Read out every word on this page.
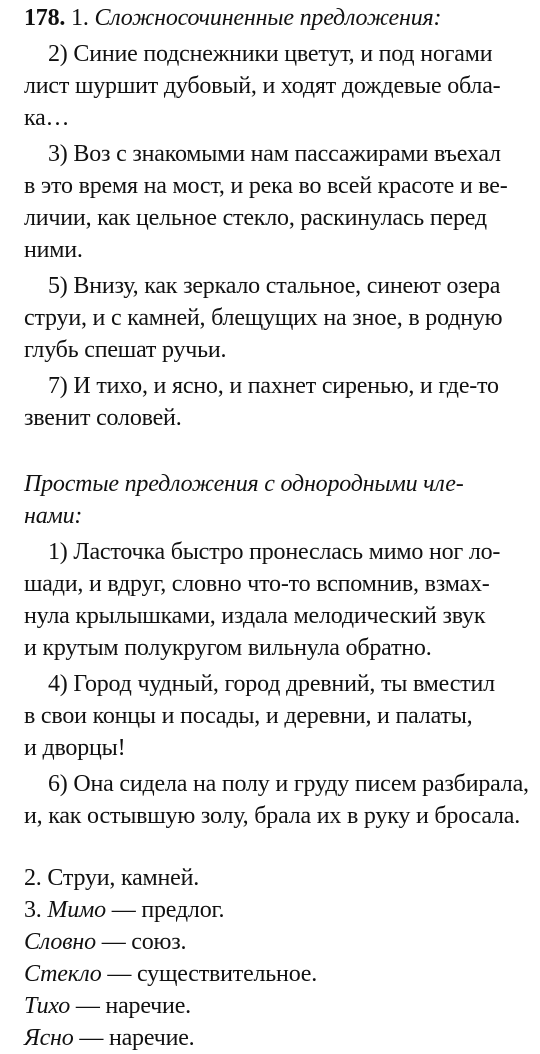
178. 1. Сложносочиненные предложения:
2) Синие подснежники цветут, и под ногами
лист шуршит дубовый, и ходят дождевые обла-
ка…
3) Воз с знакомыми нам пассажирами въехал
в это время на мост, и река во всей красоте и ве-
личии, как цельное стекло, раскинулась перед
ними.
5) Внизу, как зеркало стальное, синеют озера
струи, и с камней, блещущих на зное, в родную
глубь спешат ручьи.
7) И тихо, и ясно, и пахнет сиренью, и где-то
звенит соловей.
Простые предложения с однородными чле-
нами:
1) Ласточка быстро пронеслась мимо ног ло-
шади, и вдруг, словно что-то вспомнив, взмах-
нула крылышками, издала мелодический звук
и крутым полукругом вильнула обратно.
4) Город чудный, город древний, ты вместил
в свои концы и посады, и деревни, и палаты,
и дворцы!
6) Она сидела на полу и груду писем разбирала,
и, как остывшую золу, брала их в руку и бросала.
2. Струи, камней.
3. Мимо — предлог.
Словно — союз.
Стекло — существительное.
Тихо — наречие.
Ясно — наречие.
